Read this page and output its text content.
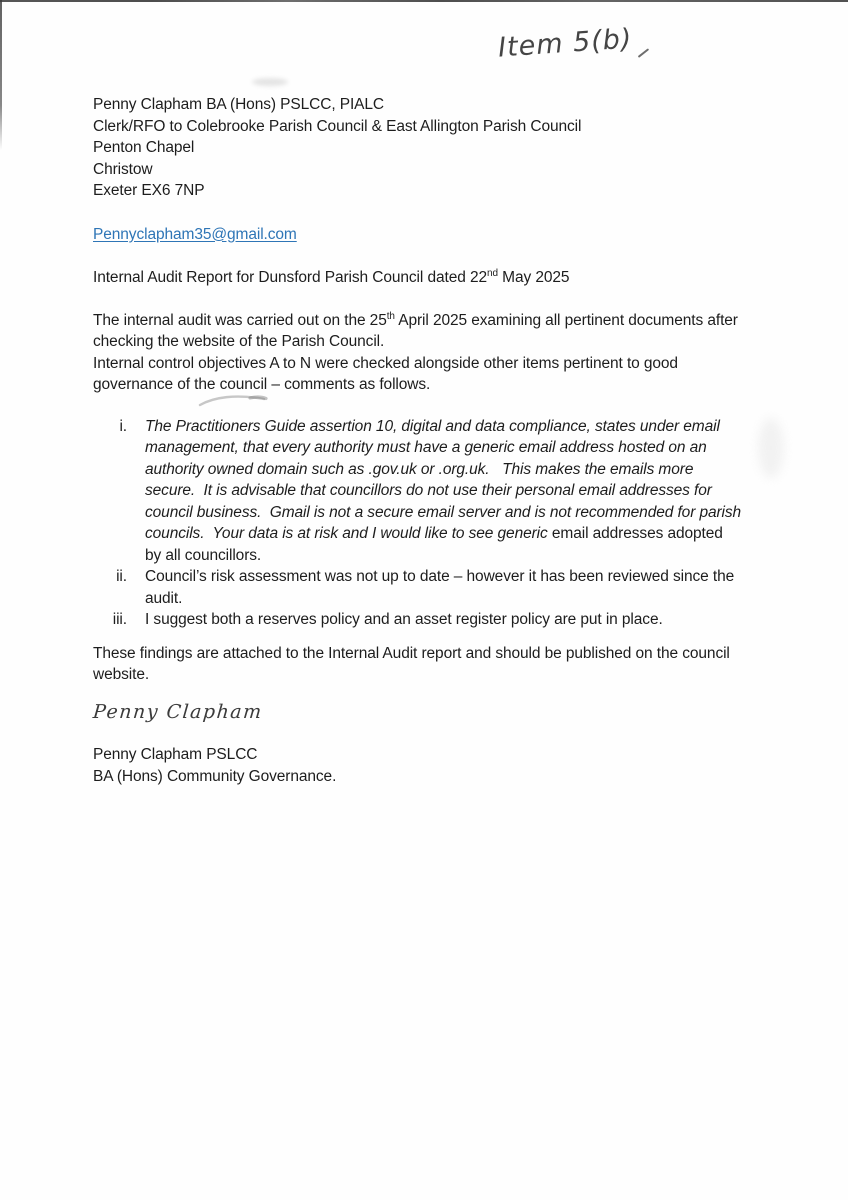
Item 5(b)
Penny Clapham BA (Hons) PSLCC, PIALC
Clerk/RFO to Colebrooke Parish Council & East Allington Parish Council
Penton Chapel
Christow
Exeter EX6 7NP
Pennyclapham35@gmail.com
Internal Audit Report for Dunsford Parish Council dated 22nd May 2025

The internal audit was carried out on the 25th April 2025 examining all pertinent documents after checking the website of the Parish Council.

Internal control objectives A to N were checked alongside other items pertinent to good governance of the council – comments as follows.

i. The Practitioners Guide assertion 10, digital and data compliance, states under email management, that every authority must have a generic email address hosted on an authority owned domain such as .gov.uk or .org.uk.   This makes the emails more secure.  It is advisable that councillors do not use their personal email addresses for council business.  Gmail is not a secure email server and is not recommended for parish councils.  Your data is at risk and I would like to see generic email addresses adopted by all councillors.
ii. Council’s risk assessment was not up to date – however it has been reviewed since the audit.
iii. I suggest both a reserves policy and an asset register policy are put in place.

These findings are attached to the Internal Audit report and should be published on the council website.

Penny Clapham
Penny Clapham PSLCC
BA (Hons) Community Governance.
